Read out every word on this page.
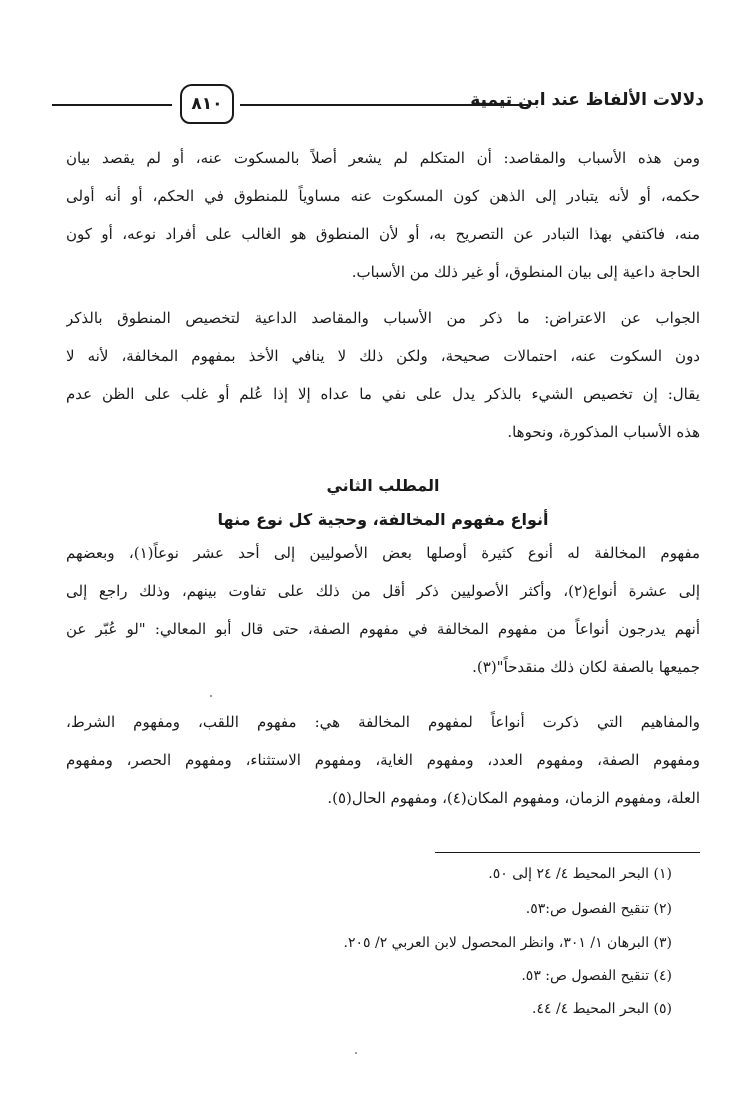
٨١٠	دلالات الألفاظ عند ابن تيمية
ومن هذه الأسباب والمقاصد: أن المتكلم لم يشعر أصلاً بالمسكوت عنه، أو لم يقصد بيان
حكمه، أو لأنه يتبادر إلى الذهن كون المسكوت عنه مساوياً للمنطوق في الحكم، أو أنه أولى
منه، فاكتفي بهذا التبادر عن التصريح به، أو لأن المنطوق هو الغالب على أفراد نوعه، أو كون
الحاجة داعية إلى بيان المنطوق، أو غير ذلك من الأسباب.
الجواب عن الاعتراض: ما ذكر من الأسباب والمقاصد الداعية لتخصيص المنطوق بالذكر
دون السكوت عنه، احتمالات صحيحة، ولكن ذلك لا ينافي الأخذ بمفهوم المخالفة، لأنه لا
يقال: إن تخصيص الشيء بالذكر يدل على نفي ما عداه إلا إذا عُلم أو غلب على الظن عدم
هذه الأسباب المذكورة، ونحوها.
المطلب الثاني
أنواع مفهوم المخالفة، وحجية كل نوع منها
مفهوم المخالفة له أنوع كثيرة أوصلها بعض الأصوليين إلى أحد عشر نوعاً(١)، وبعضهم
إلى عشرة أنواع(٢)، وأكثر الأصوليين ذكر أقل من ذلك على تفاوت بينهم، وذلك راجع إلى
أنهم يدرجون أنواعاً من مفهوم المخالفة في مفهوم الصفة، حتى قال أبو المعالي: "لو عُبّر عن
جميعها بالصفة لكان ذلك منقدحاً"(٣).
والمفاهيم التي ذكرت أنواعاً لمفهوم المخالفة هي: مفهوم اللقب، ومفهوم الشرط،
ومفهوم الصفة، ومفهوم العدد، ومفهوم الغاية، ومفهوم الاستثناء، ومفهوم الحصر، ومفهوم
العلة، ومفهوم الزمان، ومفهوم المكان(٤)، ومفهوم الحال(٥).
(١) البحر المحيط ٤/ ٢٤ إلى ٥٠.
(٢) تنقيح الفصول ص:٥٣.
(٣) البرهان ١/ ٣٠١، وانظر المحصول لابن العربي ٢/ ٢٠٥.
(٤) تنقيح الفصول ص: ٥٣.
(٥) البحر المحيط ٤/ ٤٤.
